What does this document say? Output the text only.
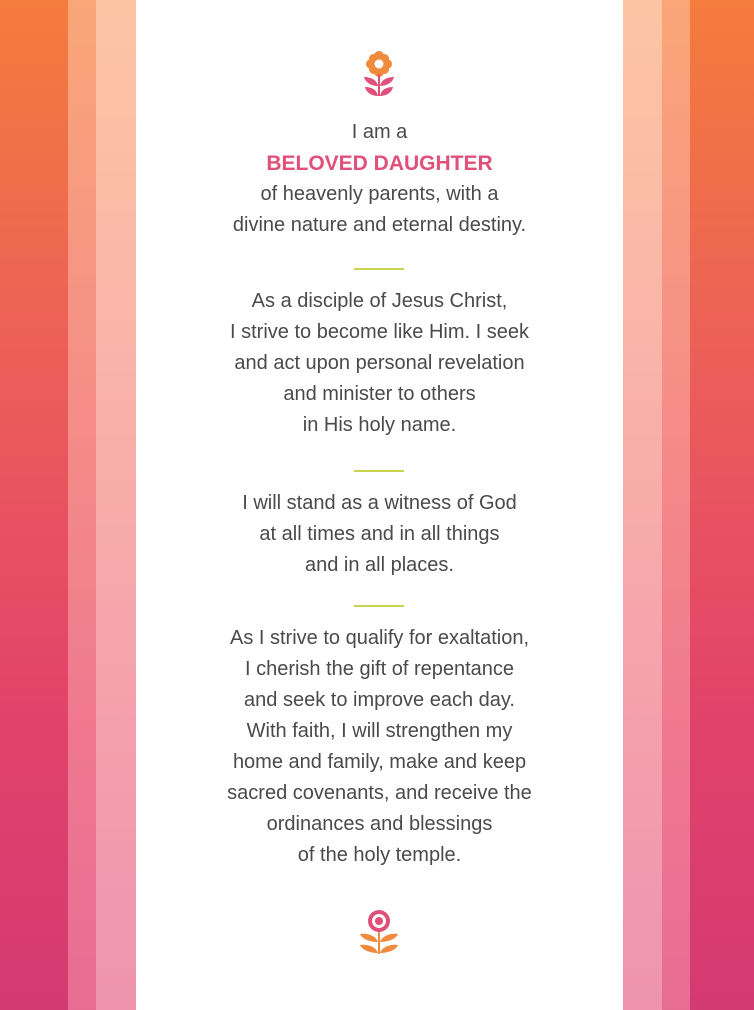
I am a
BELOVED DAUGHTER
of heavenly parents, with a
divine nature and eternal destiny.
As a disciple of Jesus Christ,
I strive to become like Him. I seek
and act upon personal revelation
and minister to others
in His holy name.
I will stand as a witness of God
at all times and in all things
and in all places.
As I strive to qualify for exaltation,
I cherish the gift of repentance
and seek to improve each day.
With faith, I will strengthen my
home and family, make and keep
sacred covenants, and receive the
ordinances and blessings
of the holy temple.
